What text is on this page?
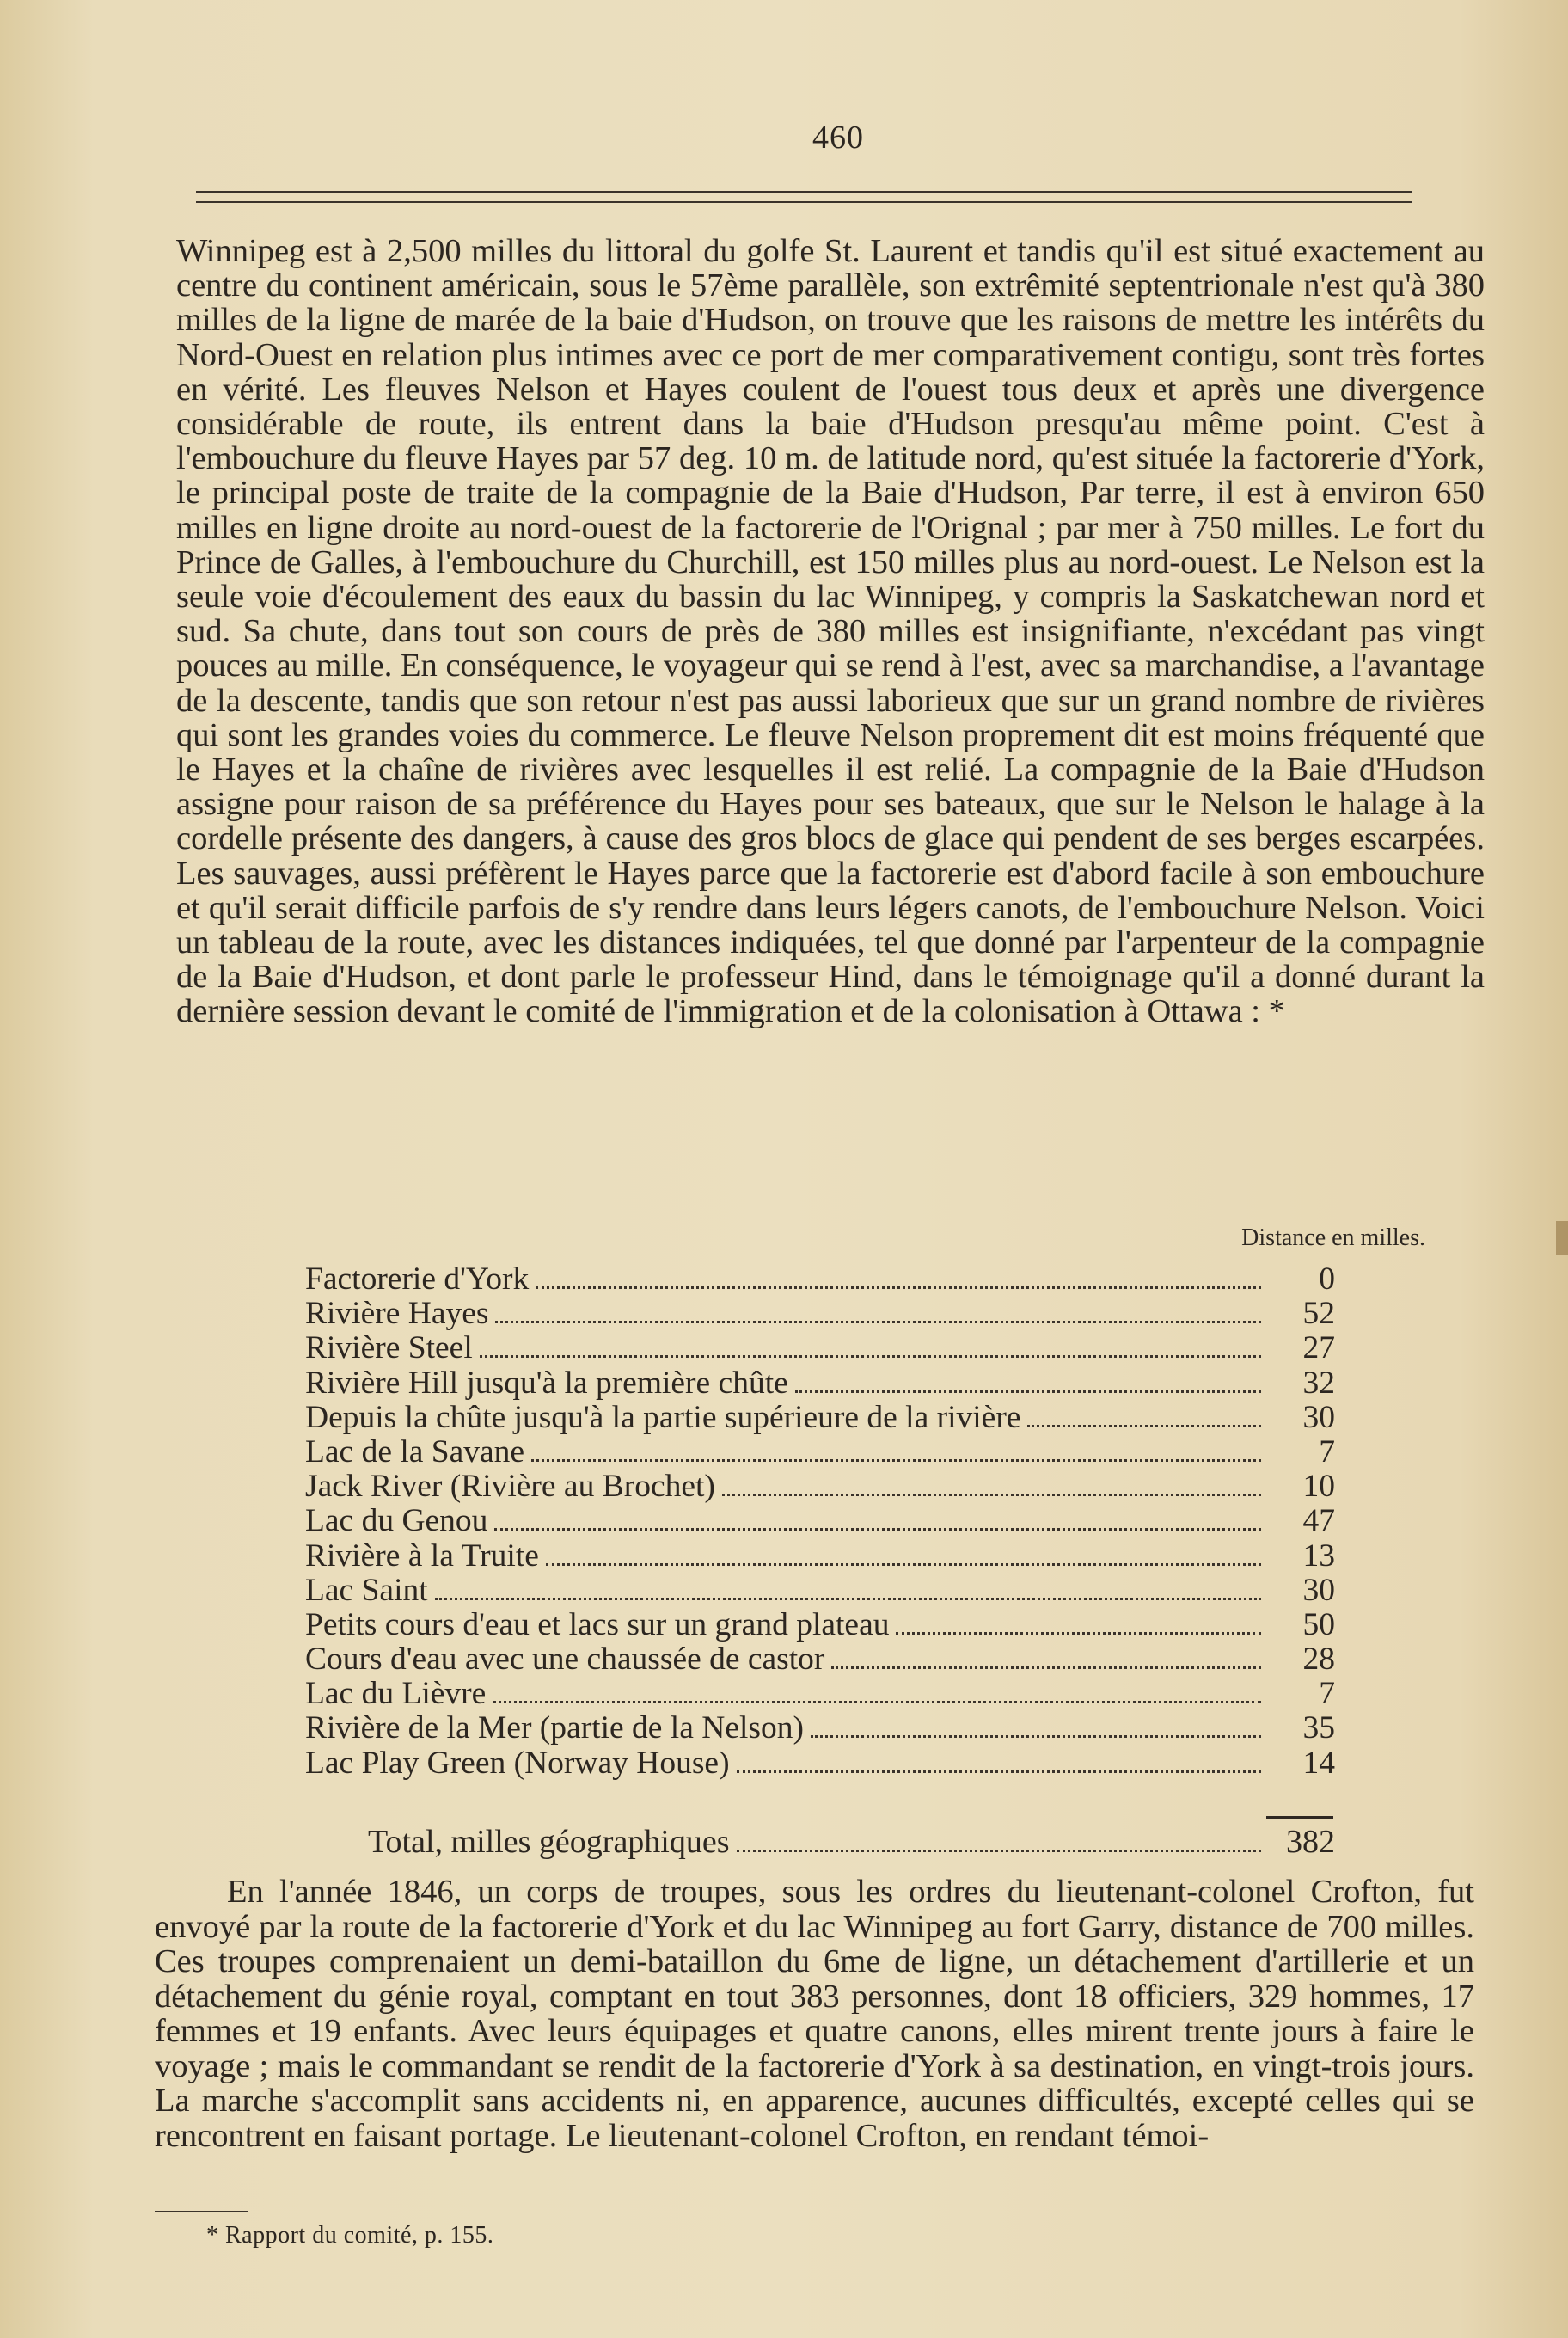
460
Winnipeg est à 2,500 milles du littoral du golfe St. Laurent et tandis qu'il est situé exactement au centre du continent américain, sous le 57ème parallèle, son extrêmité septentrionale n'est qu'à 380 milles de la ligne de marée de la baie d'Hudson, on trouve que les raisons de mettre les intérêts du Nord-Ouest en relation plus intimes avec ce port de mer comparativement contigu, sont très fortes en vérité. Les fleuves Nelson et Hayes coulent de l'ouest tous deux et après une divergence considérable de route, ils entrent dans la baie d'Hudson presqu'au même point. C'est à l'embouchure du fleuve Hayes par 57 deg. 10 m. de latitude nord, qu'est située la factorerie d'York, le principal poste de traite de la compagnie de la Baie d'Hudson, Par terre, il est à environ 650 milles en ligne droite au nord-ouest de la factorerie de l'Orignal ; par mer à 750 milles. Le fort du Prince de Galles, à l'embouchure du Churchill, est 150 milles plus au nord-ouest. Le Nelson est la seule voie d'écoulement des eaux du bassin du lac Winnipeg, y compris la Saskatchewan nord et sud. Sa chute, dans tout son cours de près de 380 milles est insignifiante, n'excédant pas vingt pouces au mille. En conséquence, le voyageur qui se rend à l'est, avec sa marchandise, a l'avantage de la descente, tandis que son retour n'est pas aussi laborieux que sur un grand nombre de rivières qui sont les grandes voies du commerce. Le fleuve Nelson proprement dit est moins fréquenté que le Hayes et la chaîne de rivières avec lesquelles il est relié. La compagnie de la Baie d'Hudson assigne pour raison de sa préférence du Hayes pour ses bateaux, que sur le Nelson le halage à la cordelle présente des dangers, à cause des gros blocs de glace qui pendent de ses berges escarpées. Les sauvages, aussi préfèrent le Hayes parce que la factorerie est d'abord facile à son embouchure et qu'il serait difficile parfois de s'y rendre dans leurs légers canots, de l'embouchure Nelson. Voici un tableau de la route, avec les distances indiquées, tel que donné par l'arpenteur de la compagnie de la Baie d'Hudson, et dont parle le professeur Hind, dans le témoignage qu'il a donné durant la dernière session devant le comité de l'immigration et de la colonisation à Ottawa : *
Distance en milles.
Factorerie d'York	0
Rivière Hayes	52
Rivière Steel	27
Rivière Hill jusqu'à la première chûte	32
Depuis la chûte jusqu'à la partie supérieure de la rivière	30
Lac de la Savane	7
Jack River (Rivière au Brochet)	10
Lac du Genou	47
Rivière à la Truite	13
Lac Saint	30
Petits cours d'eau et lacs sur un grand plateau	50
Cours d'eau avec une chaussée de castor	28
Lac du Lièvre	7
Rivière de la Mer (partie de la Nelson)	35
Lac Play Green (Norway House)	14
Total, milles géographiques	382
En l'année 1846, un corps de troupes, sous les ordres du lieutenant-colonel Crofton, fut envoyé par la route de la factorerie d'York et du lac Winnipeg au fort Garry, distance de 700 milles. Ces troupes comprenaient un demi-bataillon du 6me de ligne, un détachement d'artillerie et un détachement du génie royal, comptant en tout 383 personnes, dont 18 officiers, 329 hommes, 17 femmes et 19 enfants. Avec leurs équipages et quatre canons, elles mirent trente jours à faire le voyage ; mais le commandant se rendit de la factorerie d'York à sa destination, en vingt-trois jours. La marche s'accomplit sans accidents ni, en apparence, aucunes difficultés, excepté celles qui se rencontrent en faisant portage. Le lieutenant-colonel Crofton, en rendant témoi-
* Rapport du comité, p. 155.
